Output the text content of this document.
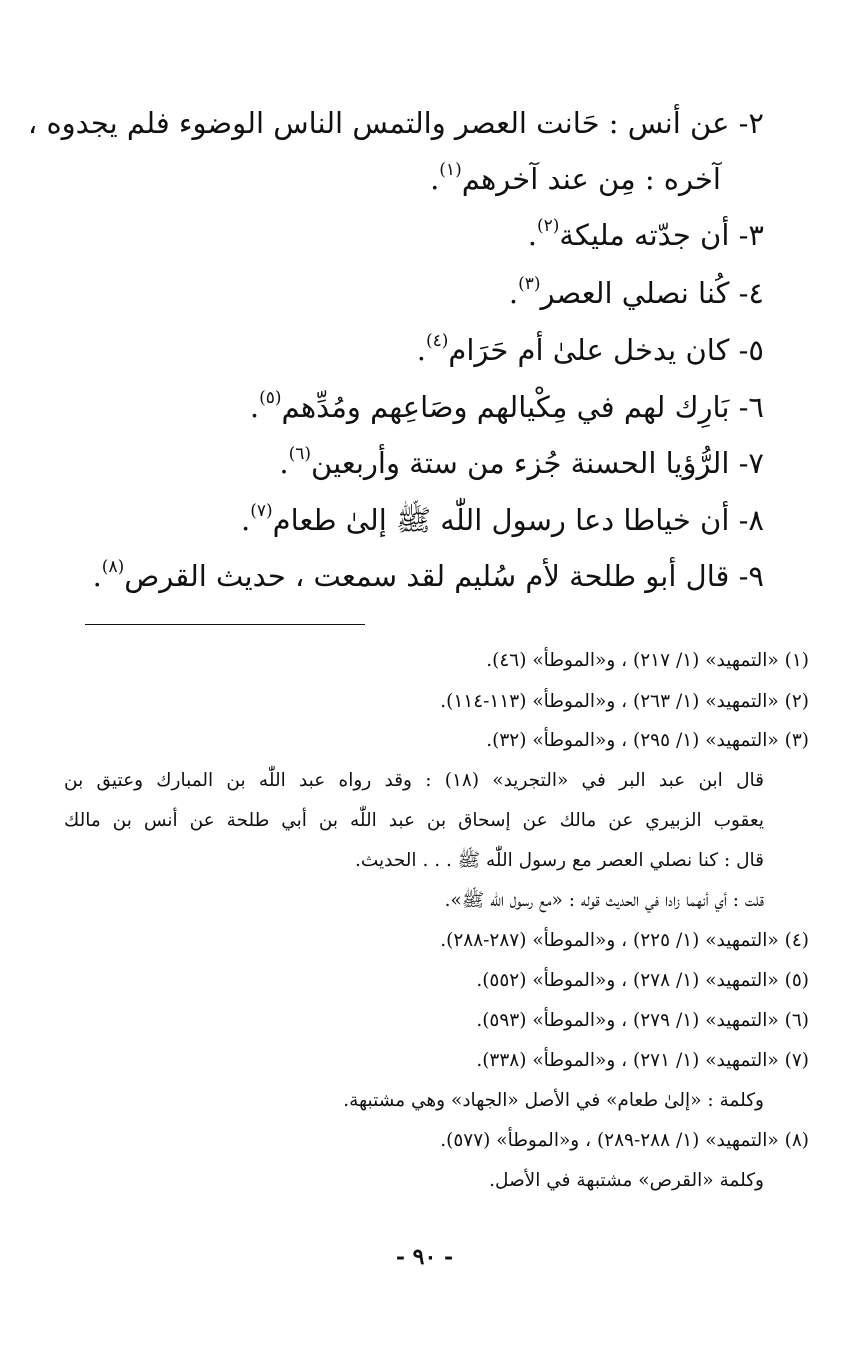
٢- عن أنس : حَانت العصر والتمس الناس الوضوء فلم يجدوه ،
آخره : مِن عند آخرهم$^{(١)}$.
٣- أن جدّته مليكة$^{(٢)}$.
٤- كُنا نصلي العصر$^{(٣)}$.
٥- كان يدخل علىٰ أم حَرَام$^{(٤)}$.
٦- بَارِك لهم في مِكْيالهم وصَاعِهم ومُدِّهم$^{(٥)}$.
٧- الرُّؤيا الحسنة جُزء من ستة وأربعين$^{(٦)}$.
٨- أن خياطا دعا رسول اللّٰه ﷺ إلىٰ طعام$^{(٧)}$.
٩- قال أبو طلحة لأم سُليم لقد سمعت ، حديث القرص$^{(٨)}$.
(١) «التمهيد» (١/ ٢١٧) ، و«الموطأ» (٤٦).
(٢) «التمهيد» (١/ ٢٦٣) ، و«الموطأ» (١١٣-١١٤).
(٣) «التمهيد» (١/ ٢٩٥) ، و«الموطأ» (٣٢).
قال ابن عبد البر في «التجريد» (١٨) : وقد رواه عبد اللّٰه بن المبارك وعتيق بن
يعقوب الزبيري عن مالك عن إسحاق بن عبد اللّٰه بن أبي طلحة عن أنس بن مالك
قال : كنا نصلي العصر مع رسول اللّٰه ﷺ . . . الحديث.
قلت : أي أنهما زادا في الحديث قوله : «مع رسول اللّٰه ﷺ».
(٤) «التمهيد» (١/ ٢٢٥) ، و«الموطأ» (٢٨٧-٢٨٨).
(٥) «التمهيد» (١/ ٢٧٨) ، و«الموطأ» (٥٥٢).
(٦) «التمهيد» (١/ ٢٧٩) ، و«الموطأ» (٥٩٣).
(٧) «التمهيد» (١/ ٢٧١) ، و«الموطأ» (٣٣٨).
وكلمة : «إلىٰ طعام» في الأصل «الجهاد» وهي مشتبهة.
(٨) «التمهيد» (١/ ٢٨٨-٢٨٩) ، و«الموطأ» (٥٧٧).
وكلمة «القرص» مشتبهة في الأصل.
- ٩٠ -
